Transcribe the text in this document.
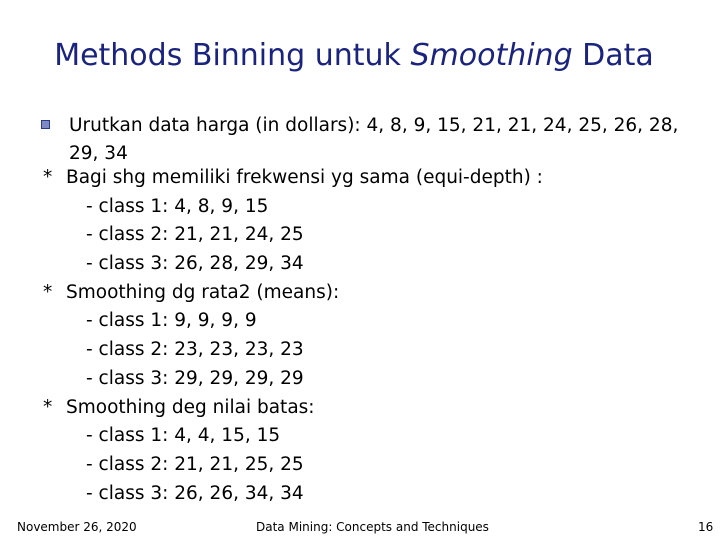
Methods Binning untuk Smoothing Data
Urutkan data harga (in dollars): 4, 8, 9, 15, 21, 21, 24, 25, 26, 28,
29, 34
* Bagi shg memiliki frekwensi yg sama (equi-depth) :
- class 1: 4, 8, 9, 15
- class 2: 21, 21, 24, 25
- class 3: 26, 28, 29, 34
* Smoothing dg rata2 (means):
- class 1: 9, 9, 9, 9
- class 2: 23, 23, 23, 23
- class 3: 29, 29, 29, 29
* Smoothing deg nilai batas:
- class 1: 4, 4, 15, 15
- class 2: 21, 21, 25, 25
- class 3: 26, 26, 34, 34
November 26, 2020	Data Mining: Concepts and Techniques	16
